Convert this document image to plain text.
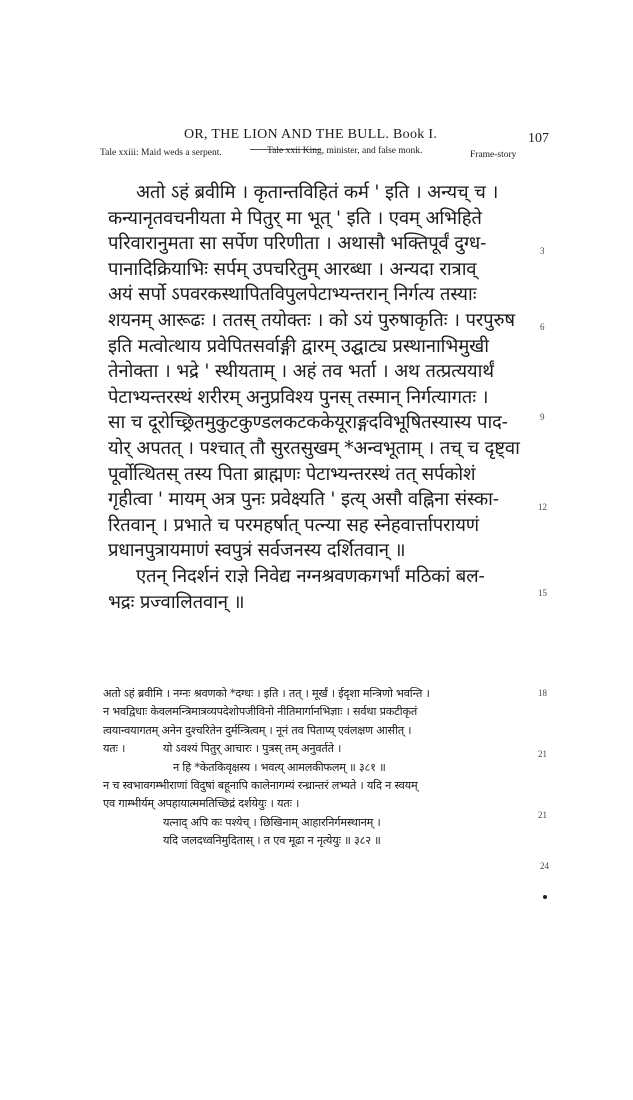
OR, THE LION AND THE BULL. Book I.	107
Tale xxiii: Maid weds a serpent.	Tale xxii King, minister, and false monk.	Frame-story
अतो ऽहं ब्रवीमि । कृतान्तविहितं कर्म ' इति । अन्यच् च ।
कन्यानृतवचनीयता मे पितुर् मा भूत् ' इति । एवम् अभिहिते
परिवारानुमता सा सर्पेण परिणीता । अथासौ भक्तिपूर्वं दुग्ध-
पानादिक्रियाभिः सर्पम् उपचरितुम् आरब्धा । अन्यदा रात्राव्
अयं सर्पो ऽपवरकस्थापितविपुलपेटाभ्यन्तरान् निर्गत्य तस्याः
शयनम् आरूढः । ततस् तयोक्तः । को ऽयं पुरुषाकृतिः । परपुरुष
इति मत्वोत्थाय प्रवेपितसर्वाङ्गी द्वारम् उद्घाट्य प्रस्थानाभिमुखी
तेनोक्ता । भद्रे ' स्थीयताम् । अहं तव भर्ता । अथ तत्प्रत्ययार्थं
पेटाभ्यन्तरस्थं शरीरम् अनुप्रविश्य पुनस् तस्मान् निर्गत्यागतः ।
सा च दूरोच्छ्रितमुकुटकुण्डलकटककेयूराङ्गदविभूषितस्यास्य पाद-
योर् अपतत् । पश्चात् तौ सुरतसुखम् *अन्वभूताम् । तच् च दृष्ट्वा
पूर्वोत्थितस् तस्य पिता ब्राह्मणः पेटाभ्यन्तरस्थं तत् सर्पकोशं
गृहीत्वा ' मायम् अत्र पुनः प्रवेक्ष्यति ' इत्य् असौ वह्निना संस्का-
रितवान् । प्रभाते च परमहर्षात् पत्न्या सह स्नेहवार्त्तापरायणं
प्रधानपुत्रायमाणं स्वपुत्रं सर्वजनस्य दर्शितवान् ॥
एतन् निदर्शनं राज्ञे निवेद्य नग्नश्रवणकगर्भां मठिकां बल-
भद्रः प्रज्वालितवान् ॥
3
6
9
12
15
18
21
21
24
अतो ऽहं ब्रवीमि । नग्नः श्रवणको *दग्धः । इति । तत् । मूर्खं । ईदृशा मन्त्रिणो भवन्ति ।
न भवद्विधाः केवलमन्त्रिमात्रव्यपदेशोपजीविनो नीतिमार्गानभिज्ञाः । सर्वथा प्रकटीकृतं
त्वयान्वयागतम् अनेन दुश्चरितेन दुर्मन्त्रित्वम् । नूनं तव पिताप्य् एवंलक्षण आसीत् ।
यतः ।	यो ऽवश्यं पितुर् आचारः । पुत्रस् तम् अनुवर्तते ।
न हि *केतकिवृक्षस्य । भवत्य् आमलकीफलम् ॥ ३८१ ॥
न च स्वभावगम्भीराणां विदुषां बहूनापि कालेनागम्यं रन्ध्रान्तरं लभ्यते । यदि न स्वयम्
एव गाम्भीर्यम् अपहायात्ममतिच्छिद्रं दर्शयेयुः । यतः ।
यत्नाद् अपि कः पश्येच् । छिखिनाम् आहारनिर्गमस्थानम् ।
यदि जलदध्वनिमुदितास् । त एव मूढा न नृत्येयुः ॥ ३८२ ॥
